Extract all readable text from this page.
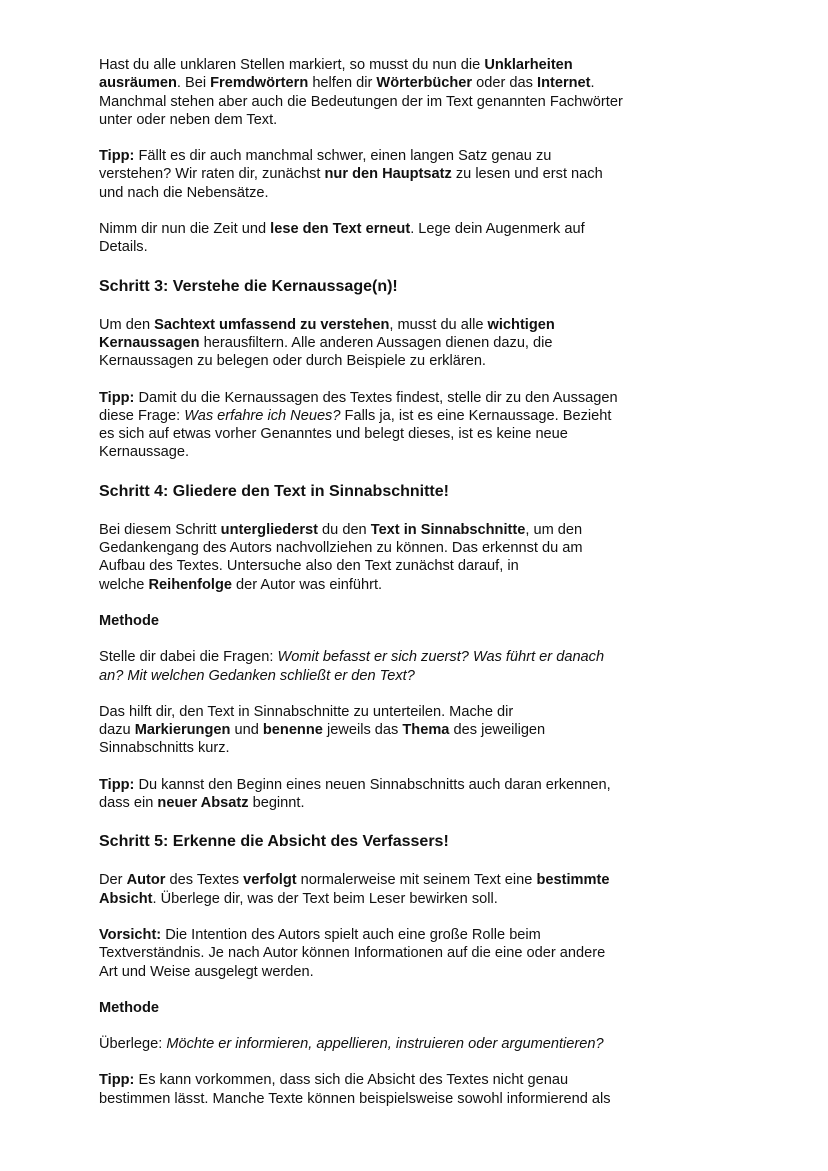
Hast du alle unklaren Stellen markiert, so musst du nun die Unklarheiten

ausräumen. Bei Fremdwörtern helfen dir Wörterbücher oder das Internet.

Manchmal stehen aber auch die Bedeutungen der im Text genannten Fachwörter

unter oder neben dem Text.

Tipp: Fällt es dir auch manchmal schwer, einen langen Satz genau zu

verstehen? Wir raten dir, zunächst nur den Hauptsatz zu lesen und erst nach

und nach die Nebensätze.

Nimm dir nun die Zeit und lese den Text erneut. Lege dein Augenmerk auf

Details.

Schritt 3: Verstehe die Kernaussage(n)!

Um den Sachtext umfassend zu verstehen, musst du alle wichtigen

Kernaussagen herausfiltern. Alle anderen Aussagen dienen dazu, die

Kernaussagen zu belegen oder durch Beispiele zu erklären.

Tipp: Damit du die Kernaussagen des Textes findest, stelle dir zu den Aussagen

diese Frage: Was erfahre ich Neues? Falls ja, ist es eine Kernaussage. Bezieht

es sich auf etwas vorher Genanntes und belegt dieses, ist es keine neue

Kernaussage.

Schritt 4: Gliedere den Text in Sinnabschnitte!

Bei diesem Schritt untergliederst du den Text in Sinnabschnitte, um den

Gedankengang des Autors nachvollziehen zu können. Das erkennst du am

Aufbau des Textes. Untersuche also den Text zunächst darauf, in

welche Reihenfolge der Autor was einführt.

Methode

Stelle dir dabei die Fragen: Womit befasst er sich zuerst? Was führt er danach

an? Mit welchen Gedanken schließt er den Text?

Das hilft dir, den Text in Sinnabschnitte zu unterteilen. Mache dir

dazu Markierungen und benenne jeweils das Thema des jeweiligen

Sinnabschnitts kurz.

Tipp: Du kannst den Beginn eines neuen Sinnabschnitts auch daran erkennen,

dass ein neuer Absatz beginnt.

Schritt 5: Erkenne die Absicht des Verfassers!

Der Autor des Textes verfolgt normalerweise mit seinem Text eine bestimmte

Absicht. Überlege dir, was der Text beim Leser bewirken soll.

Vorsicht: Die Intention des Autors spielt auch eine große Rolle beim

Textverständnis. Je nach Autor können Informationen auf die eine oder andere

Art und Weise ausgelegt werden.

Methode

Überlege: Möchte er informieren, appellieren, instruieren oder argumentieren?

Tipp: Es kann vorkommen, dass sich die Absicht des Textes nicht genau

bestimmen lässt. Manche Texte können beispielsweise sowohl informierend als
